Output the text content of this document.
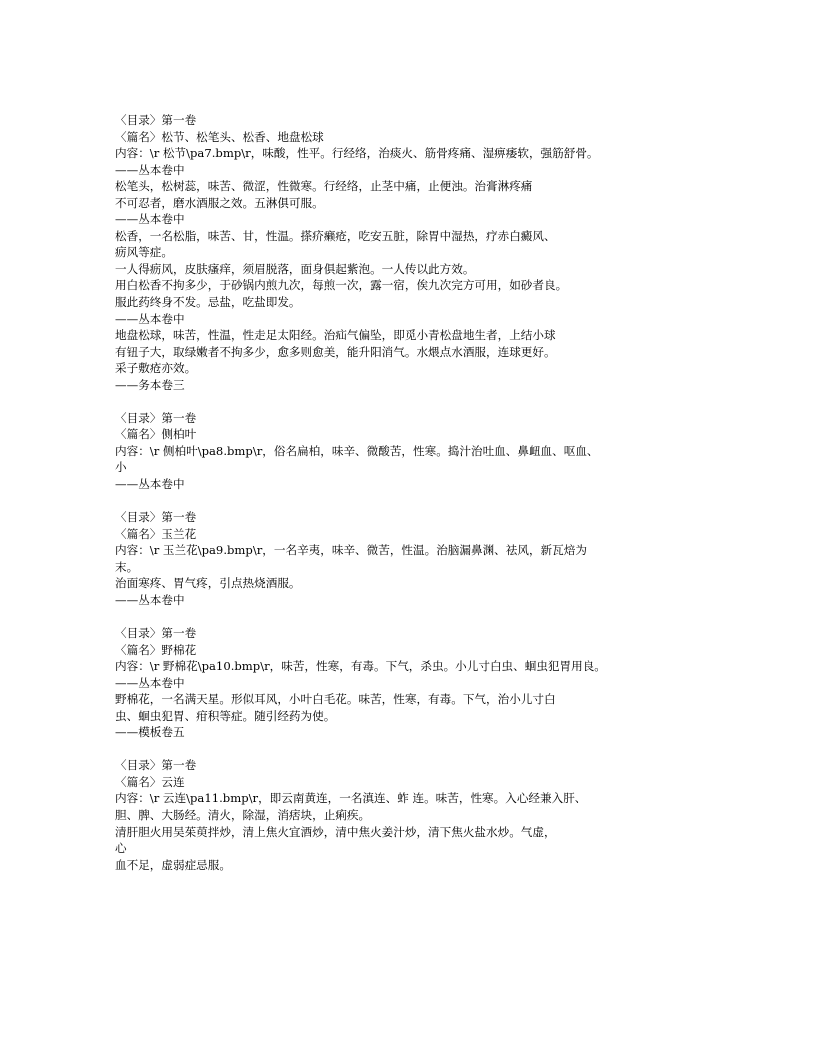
〈目录〉第一卷
〈篇名〉松节、松笔头、松香、地盘松球
内容：\r 松节\pa7.bmp\r，味酸，性平。行经络，治痰火、筋骨疼痛、湿痹痿软，强筋舒骨。
——丛本卷中
松笔头，松树蕊，味苦、微涩，性微寒。行经络，止茎中痛，止便浊。治膏淋疼痛
不可忍者，磨水酒服之效。五淋俱可服。
——丛本卷中
松香，一名松脂，味苦、甘，性温。搽疥癞疮，吃安五脏，除胃中湿热，疗赤白癜风、
疬风等症。
一人得疬风，皮肤瘙痒，须眉脱落，面身俱起紫泡。一人传以此方效。
用白松香不拘多少，于砂锅内煎九次，每煎一次，露一宿，俟九次完方可用，如砂者良。
服此药终身不发。忌盐，吃盐即发。
——丛本卷中
地盘松球，味苦，性温，性走足太阳经。治疝气偏坠，即觅小青松盘地生者，上结小球
有钮子大，取绿嫩者不拘多少，愈多则愈美，能升阳消气。水煨点水酒服，连球更好。
采子敷疮亦效。
——务本卷三

〈目录〉第一卷
〈篇名〉侧柏叶
内容：\r 侧柏叶\pa8.bmp\r，俗名扁柏，味辛、微酸苦，性寒。捣汁治吐血、鼻衄血、呕血、
小
——丛本卷中

〈目录〉第一卷
〈篇名〉玉兰花
内容：\r 玉兰花\pa9.bmp\r，一名辛夷，味辛、微苦，性温。治脑漏鼻渊、祛风，新瓦焙为
末。
治面寒疼、胃气疼，引点热烧酒服。
——丛本卷中

〈目录〉第一卷
〈篇名〉野棉花
内容：\r 野棉花\pa10.bmp\r，味苦，性寒，有毒。下气，杀虫。小儿寸白虫、蛔虫犯胃用良。
——丛本卷中
野棉花，一名满天星。形似耳风，小叶白毛花。味苦，性寒，有毒。下气，治小儿寸白
虫、蛔虫犯胃、疳积等症。随引经药为使。
——模板卷五

〈目录〉第一卷
〈篇名〉云连
内容：\r 云连\pa11.bmp\r，即云南黄连，一名滇连、蚱 连。味苦，性寒。入心经兼入肝、
胆、脾、大肠经。清火，除湿，消痞块，止痢疾。
清肝胆火用吴茱萸拌炒，清上焦火宜酒炒，清中焦火姜汁炒，清下焦火盐水炒。气虚，
心
血不足，虚弱症忌服。
